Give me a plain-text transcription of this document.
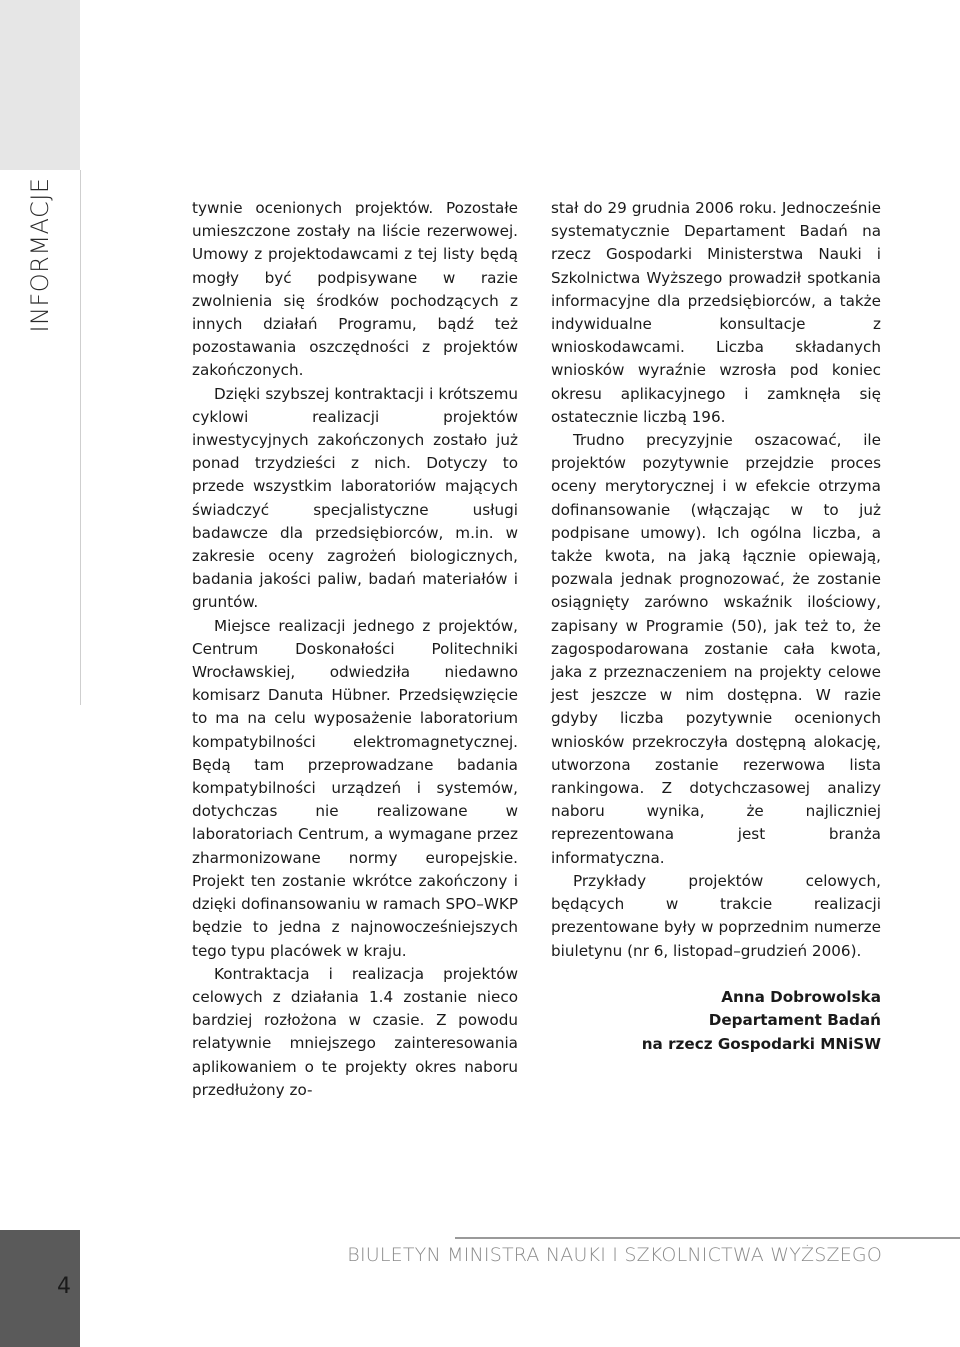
INFORMACJE	tywnie ocenionych projektów. Pozostałe umieszczone zostały na liście rezerwowej. Umowy z projektodawcami z tej listy będą mogły być podpisywane w razie zwolnienia się środków pochodzących z innych działań Programu, bądź też pozostawania oszczędności z projektów zakończonych.

Dzięki szybszej kontraktacji i krótszemu cyklowi realizacji projektów inwestycyjnych zakończonych zostało już ponad trzydzieści z nich. Dotyczy to przede wszystkim laboratoriów mających świadczyć specjalistyczne usługi badawcze dla przedsiębiorców, m.in. w zakresie oceny zagrożeń biologicznych, badania jakości paliw, badań materiałów i gruntów.

Miejsce realizacji jednego z projektów, Centrum Doskonałości Politechniki Wrocławskiej, odwiedziła niedawno komisarz Danuta Hübner. Przedsięwzięcie to ma na celu wyposażenie laboratorium kompatybilności elektromagnetycznej. Będą tam przeprowadzane badania kompatybilności urządzeń i systemów, dotychczas nie realizowane w laboratoriach Centrum, a wymagane przez zharmonizowane normy europejskie. Projekt ten zostanie wkrótce zakończony i dzięki dofinansowaniu w ramach SPO–WKP będzie to jedna z najnowocześniejszych tego typu placówek w kraju.

Kontraktacja i realizacja projektów celowych z działania 1.4 zostanie nieco bardziej rozłożona w czasie. Z powodu relatywnie mniejszego zainteresowania aplikowaniem o te projekty okres naboru przedłużony zo-

stał do 29 grudnia 2006 roku. Jednocześnie systematycznie Departament Badań na rzecz Gospodarki Ministerstwa Nauki i Szkolnictwa Wyższego prowadził spotkania informacyjne dla przedsiębiorców, a także indywidualne konsultacje z wnioskodawcami. Liczba składanych wniosków wyraźnie wzrosła pod koniec okresu aplikacyjnego i zamknęła się ostatecznie liczbą 196.

Trudno precyzyjnie oszacować, ile projektów pozytywnie przejdzie proces oceny merytorycznej i w efekcie otrzyma dofinansowanie (włączając w to już podpisane umowy). Ich ogólna liczba, a także kwota, na jaką łącznie opiewają, pozwala jednak prognozować, że zostanie osiągnięty zarówno wskaźnik ilościowy, zapisany w Programie (50), jak też to, że zagospodarowana zostanie cała kwota, jaka z przeznaczeniem na projekty celowe jest jeszcze w nim dostępna. W razie gdyby liczba pozytywnie ocenionych wniosków przekroczyła dostępną alokację, utworzona zostanie rezerwowa lista rankingowa. Z dotychczasowej analizy naboru wynika, że najliczniej reprezentowana jest branża informatyczna.

Przykłady projektów celowych, będących w trakcie realizacji prezentowane były w poprzednim numerze biuletynu (nr 6, listopad–grudzień 2006).

Anna Dobrowolska
Departament Badań
na rzecz Gospodarki MNiSW
4
BIULETYN MINISTRA NAUKI I SZKOLNICTWA WYŻSZEGO
